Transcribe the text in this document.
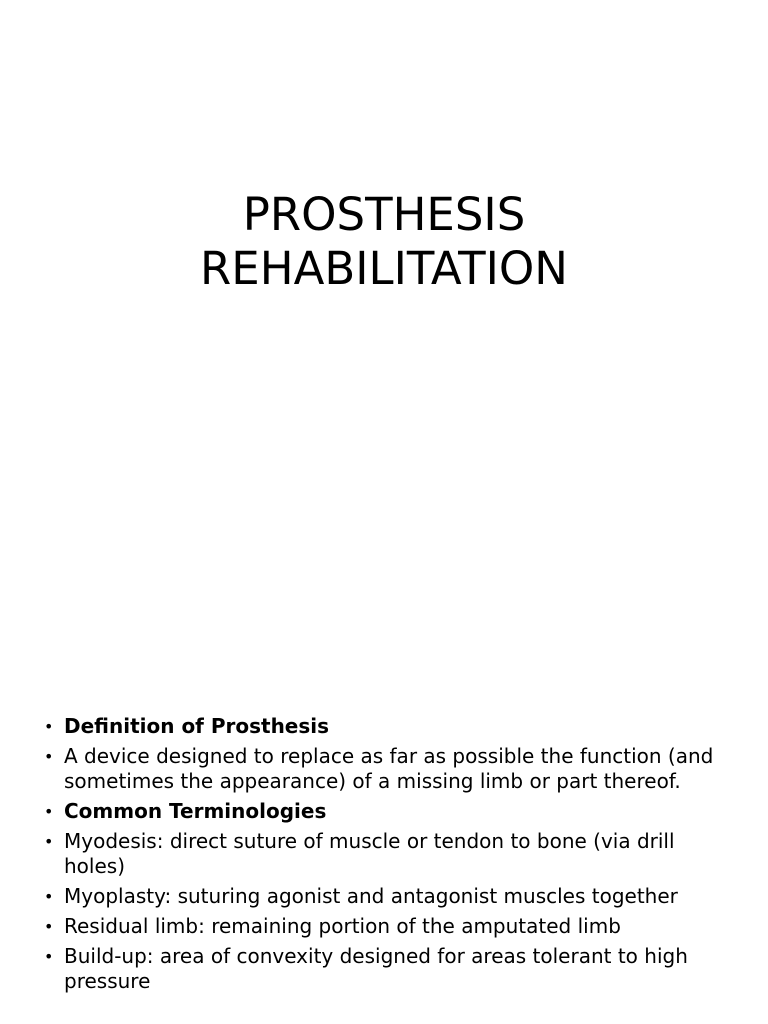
PROSTHESIS
REHABILITATION
• Definition of Prosthesis
• A device designed to replace as far as possible the function (and sometimes the appearance) of a missing limb or part thereof.
• Common Terminologies
• Myodesis: direct suture of muscle or tendon to bone (via drill holes)
• Myoplasty: suturing agonist and antagonist muscles together
• Residual limb: remaining portion of the amputated limb
• Build-up: area of convexity designed for areas tolerant to high pressure
